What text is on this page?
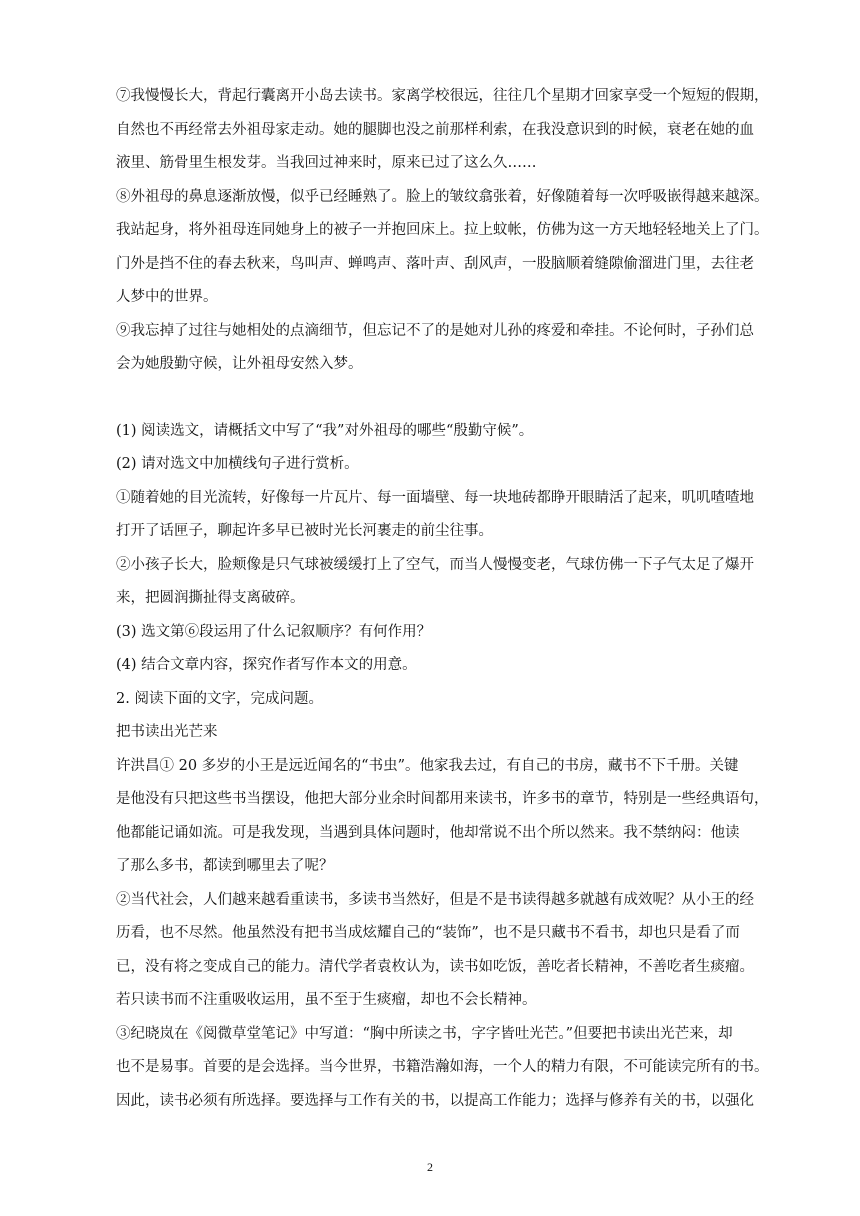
⑦我慢慢长大，背起行囊离开小岛去读书。家离学校很远，往往几个星期才回家享受一个短短的假期，
自然也不再经常去外祖母家走动。她的腿脚也没之前那样利索，在我没意识到的时候，衰老在她的血
液里、筋骨里生根发芽。当我回过神来时，原来已过了这么久……
⑧外祖母的鼻息逐渐放慢，似乎已经睡熟了。脸上的皱纹翕张着，好像随着每一次呼吸嵌得越来越深。
我站起身，将外祖母连同她身上的被子一并抱回床上。拉上蚊帐，仿佛为这一方天地轻轻地关上了门。
门外是挡不住的春去秋来，鸟叫声、蝉鸣声、落叶声、刮风声，一股脑顺着缝隙偷溜进门里，去往老
人梦中的世界。
⑨我忘掉了过往与她相处的点滴细节，但忘记不了的是她对儿孙的疼爱和牵挂。不论何时，子孙们总
会为她殷勤守候，让外祖母安然入梦。
(1) 阅读选文，请概括文中写了“我”对外祖母的哪些“殷勤守候”。
(2) 请对选文中加横线句子进行赏析。
①随着她的目光流转，好像每一片瓦片、每一面墙壁、每一块地砖都睁开眼睛活了起来，叽叽喳喳地
打开了话匣子，聊起许多早已被时光长河裹走的前尘往事。
②小孩子长大，脸颊像是只气球被缓缓打上了空气，而当人慢慢变老，气球仿佛一下子气太足了爆开
来，把圆润撕扯得支离破碎。
(3) 选文第⑥段运用了什么记叙顺序？有何作用？
(4) 结合文章内容，探究作者写作本文的用意。
2. 阅读下面的文字，完成问题。
把书读出光芒来
许洪昌① 20 多岁的小王是远近闻名的“书虫”。他家我去过，有自己的书房，藏书不下千册。关键
是他没有只把这些书当摆设，他把大部分业余时间都用来读书，许多书的章节，特别是一些经典语句，
他都能记诵如流。可是我发现，当遇到具体问题时，他却常说不出个所以然来。我不禁纳闷：他读
了那么多书，都读到哪里去了呢？
②当代社会，人们越来越看重读书，多读书当然好，但是不是书读得越多就越有成效呢？从小王的经
历看，也不尽然。他虽然没有把书当成炫耀自己的“装饰”，也不是只藏书不看书，却也只是看了而
已，没有将之变成自己的能力。清代学者袁枚认为，读书如吃饭，善吃者长精神，不善吃者生痰瘤。
若只读书而不注重吸收运用，虽不至于生痰瘤，却也不会长精神。
③纪晓岚在《阅微草堂笔记》中写道：“胸中所读之书，字字皆吐光芒。”但要把书读出光芒来，却
也不是易事。首要的是会选择。当今世界，书籍浩瀚如海，一个人的精力有限，不可能读完所有的书。
因此，读书必须有所选择。要选择与工作有关的书，以提高工作能力；选择与修养有关的书，以强化
2
